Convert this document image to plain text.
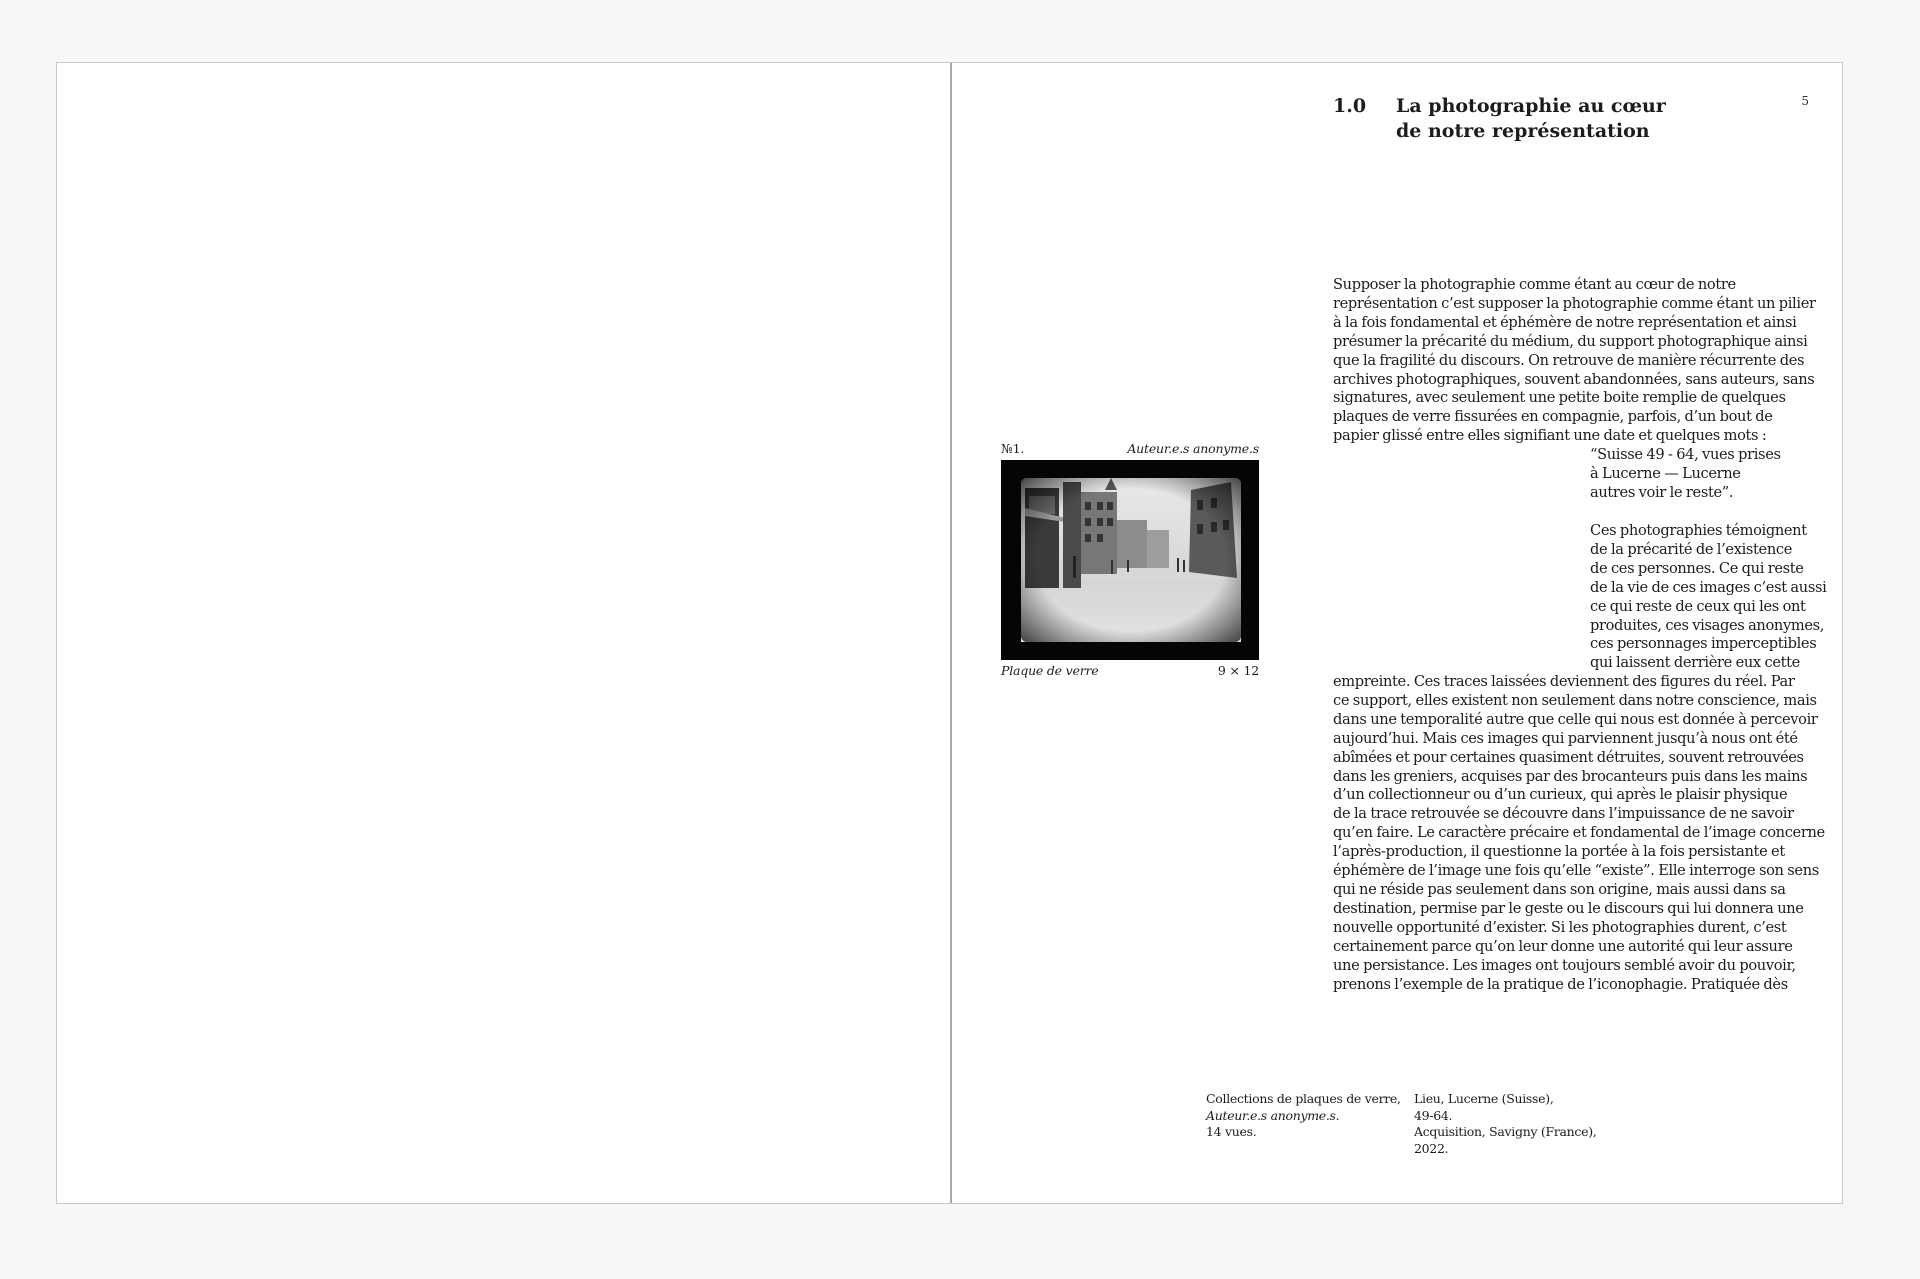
5
1.0 La photographie au cœur
de notre représentation
Supposer la photographie comme étant au cœur de notre
représentation c’est supposer la photographie comme étant un pilier
à la fois fondamental et éphémère de notre représentation et ainsi
présumer la précarité du médium, du support photographique ainsi
que la fragilité du discours. On retrouve de manière récurrente des
archives photographiques, souvent abandonnées, sans auteurs, sans
signatures, avec seulement une petite boite remplie de quelques
plaques de verre fissurées en compagnie, parfois, d’un bout de
papier glissé entre elles signifiant une date et quelques mots :
“Suisse 49 - 64, vues prises
à Lucerne — Lucerne
autres voir le reste”.
Ces photographies témoignent
de la précarité de l’existence
de ces personnes. Ce qui reste
de la vie de ces images c’est aussi
ce qui reste de ceux qui les ont
produites, ces visages anonymes,
ces personnages imperceptibles
qui laissent derrière eux cette
empreinte. Ces traces laissées deviennent des figures du réel. Par
ce support, elles existent non seulement dans notre conscience, mais
dans une temporalité autre que celle qui nous est donnée à percevoir
aujourd’hui. Mais ces images qui parviennent jusqu’à nous ont été
abîmées et pour certaines quasiment détruites, souvent retrouvées
dans les greniers, acquises par des brocanteurs puis dans les mains
d’un collectionneur ou d’un curieux, qui après le plaisir physique
de la trace retrouvée se découvre dans l’impuissance de ne savoir
qu’en faire. Le caractère précaire et fondamental de l’image concerne
l’après-production, il questionne la portée à la fois persistante et
éphémère de l’image une fois qu’elle “existe”. Elle interroge son sens
qui ne réside pas seulement dans son origine, mais aussi dans sa
destination, permise par le geste ou le discours qui lui donnera une
nouvelle opportunité d’exister. Si les photographies durent, c’est
certainement parce qu’on leur donne une autorité qui leur assure
une persistance. Les images ont toujours semblé avoir du pouvoir,
prenons l’exemple de la pratique de l’iconophagie. Pratiquée dès
№1.	Auteur.e.s anonyme.s
Plaque de verre	9 × 12
Collections de plaques de verre,
Auteur.e.s anonyme.s.
14 vues.
Lieu, Lucerne (Suisse),
49-64.
Acquisition, Savigny (France),
2022.
